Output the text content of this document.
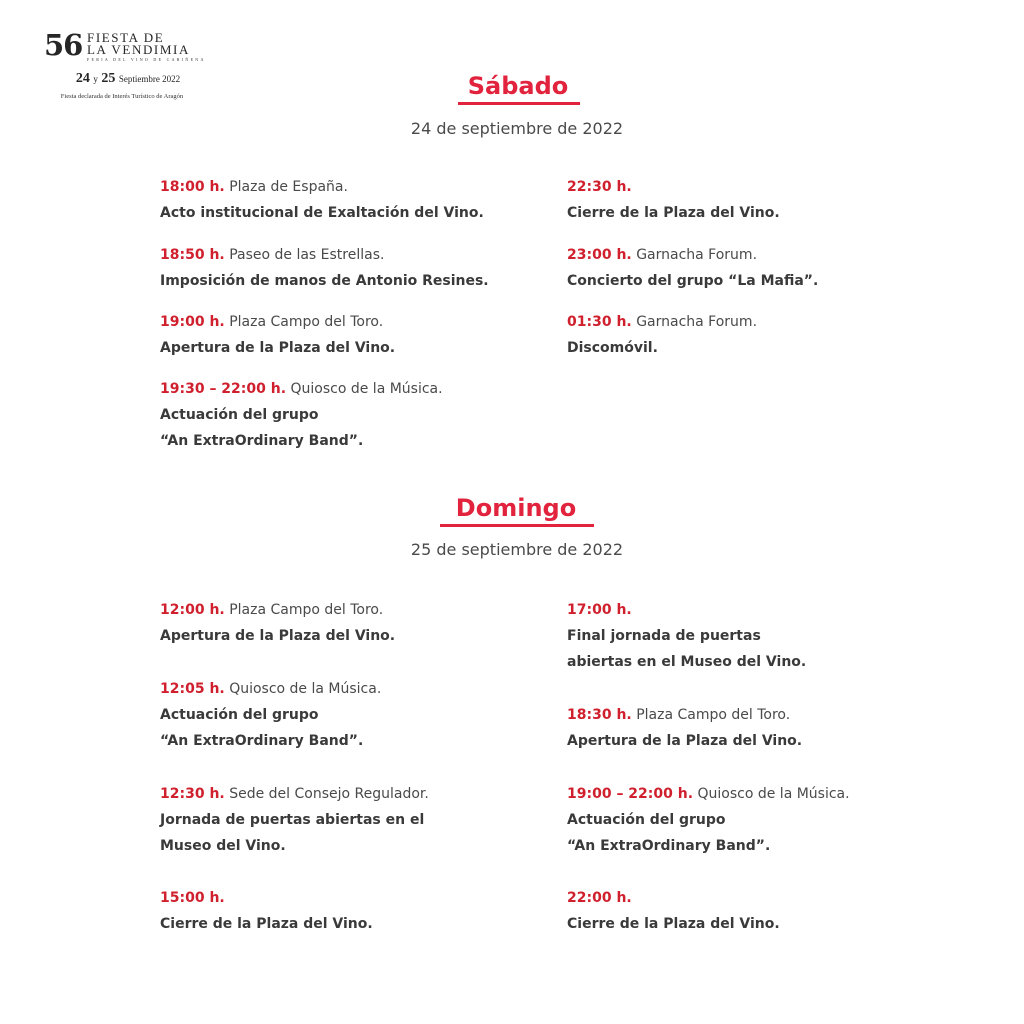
56 FIESTA DE
LA VENDIMIA
FERIA DEL VINO DE CARIÑENA
24 y 25 Septiembre 2022
Fiesta declarada de Interés Turístico de Aragón	Sábado
24 de septiembre de 2022
18:00 h. Plaza de España.
Acto institucional de Exaltación del Vino.
18:50 h. Paseo de las Estrellas.
Imposición de manos de Antonio Resines.
19:00 h. Plaza Campo del Toro.
Apertura de la Plaza del Vino.
19:30 – 22:00 h. Quiosco de la Música.
Actuación del grupo
“An ExtraOrdinary Band”.
22:30 h.
Cierre de la Plaza del Vino.
23:00 h. Garnacha Forum.
Concierto del grupo “La Mafia”.
01:30 h. Garnacha Forum.
Discomóvil.
Domingo
25 de septiembre de 2022
12:00 h. Plaza Campo del Toro.
Apertura de la Plaza del Vino.
12:05 h. Quiosco de la Música.
Actuación del grupo
“An ExtraOrdinary Band”.
12:30 h. Sede del Consejo Regulador.
Jornada de puertas abiertas en el
Museo del Vino.
15:00 h.
Cierre de la Plaza del Vino.
17:00 h.
Final jornada de puertas
abiertas en el Museo del Vino.
18:30 h. Plaza Campo del Toro.
Apertura de la Plaza del Vino.
19:00 – 22:00 h. Quiosco de la Música.
Actuación del grupo
“An ExtraOrdinary Band”.
22:00 h.
Cierre de la Plaza del Vino.
